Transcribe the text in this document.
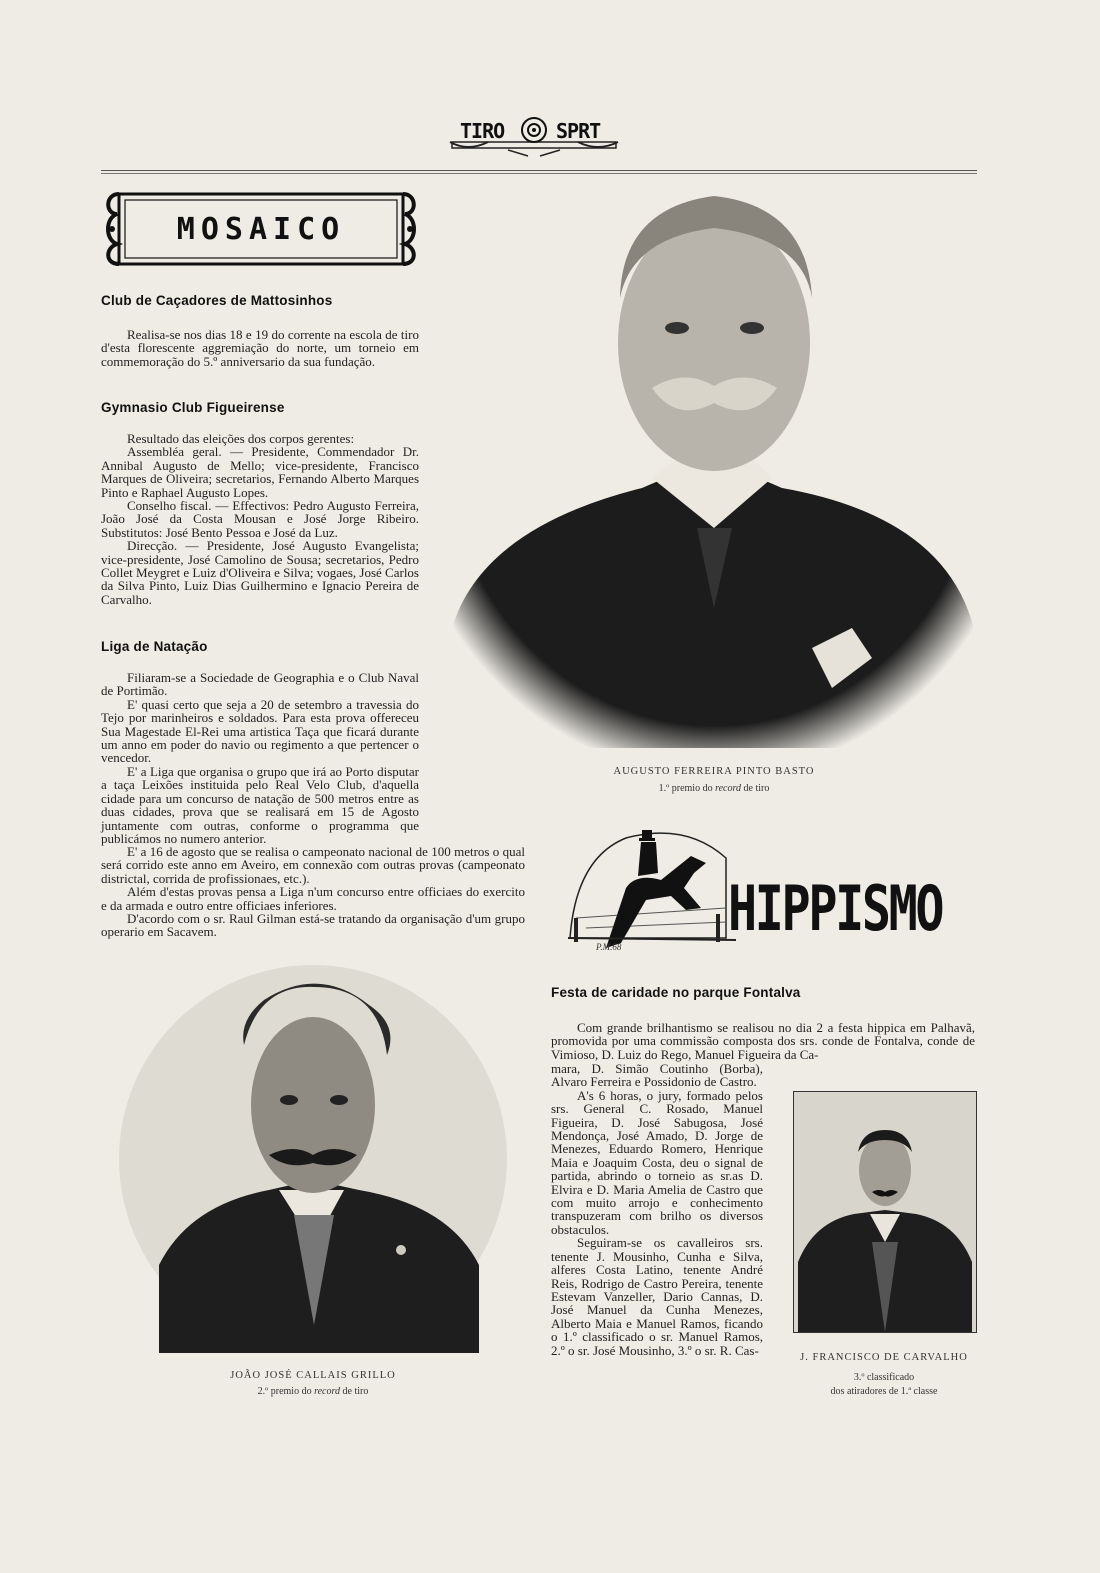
TIRO	SPRT
MOSAICO
Club de Caçadores de Mattosinhos

Realisa-se nos dias 18 e 19 do corrente na escola de tiro d'esta florescente aggremiação do norte, um torneio em commemoração do 5.º anniversario da sua fundação.

Gymnasio Club Figueirense

Resultado das eleições dos corpos gerentes:

Assembléa geral. — Presidente, Commendador Dr. Annibal Augusto de Mello; vice-presidente, Francisco Marques de Oliveira; secretarios, Fernando Alberto Marques Pinto e Raphael Augusto Lopes.

Conselho fiscal. — Effectivos: Pedro Augusto Ferreira, João José da Costa Mousan e José Jorge Ribeiro. Substitutos: José Bento Pessoa e José da Luz.

Direcção. — Presidente, José Augusto Evangelista; vice-presidente, José Camolino de Sousa; secretarios, Pedro Collet Meygret e Luiz d'Oliveira e Silva; vogaes, José Carlos da Silva Pinto, Luiz Dias Guilhermino e Ignacio Pereira de Carvalho.

Liga de Natação

Filiaram-se a Sociedade de Geographia e o Club Naval de Portimão.

E' quasi certo que seja a 20 de setembro a travessia do Tejo por marinheiros e soldados. Para esta prova offereceu Sua Magestade El-Rei uma artistica Taça que ficará durante um anno em poder do navio ou regimento a que pertencer o vencedor.

E' a Liga que organisa o grupo que irá ao Porto disputar a taça Leixões instituida pelo Real Velo Club, d'aquella cidade para um concurso de natação de 500 metros entre as duas cidades, prova que se realisará em 15 de Agosto juntamente com outras, conforme o programma que publicámos no numero anterior.

E' a 16 de agosto que se realisa o campeonato nacional de 100 metros o qual será corrido este anno em Aveiro, em connexão com outras provas (campeonato districtal, corrida de profissionaes, etc.).

Além d'estas provas pensa a Liga n'um concurso entre officiaes do exercito e da armada e outro entre officiaes inferiores.

D'acordo com o sr. Raul Gilman está-se tratando da organisação d'um grupo operario em Sacavem.

AUGUSTO FERREIRA PINTO BASTO
1.º premio do record de tiro
P.M.68
HIPPISMO
Festa de caridade no parque Fontalva

Com grande brilhantismo se realisou no dia 2 a festa hippica em Palhavã, promovida por uma commissão composta dos srs. conde de Fontalva, conde de Vimioso, D. Luiz do Rego, Manuel Figueira da Ca-

mara, D. Simão Coutinho (Borba), Alvaro Ferreira e Possidonio de Castro.

A's 6 horas, o jury, formado pelos srs. General C. Rosado, Manuel Figueira, D. José Sabugosa, José Mendonça, José Amado, D. Jorge de Menezes, Eduardo Romero, Henrique Maia e Joaquim Costa, deu o signal de partida, abrindo o torneio as sr.as D. Elvira e D. Maria Amelia de Castro que com muito arrojo e conhecimento transpuzeram com brilho os diversos obstaculos.

Seguiram-se os cavalleiros srs. tenente J. Mousinho, Cunha e Silva, alferes Costa Latino, tenente André Reis, Rodrigo de Castro Pereira, tenente Estevam Vanzeller, Dario Cannas, D. José Manuel da Cunha Menezes, Alberto Maia e Manuel Ramos, ficando o 1.º classificado o sr. Manuel Ramos, 2.º o sr. José Mousinho, 3.º o sr. R. Cas-

JOÃO JOSÉ CALLAIS GRILLO
2.º premio do record de tiro
J. FRANCISCO DE CARVALHO
3.º classificado
dos atiradores de 1.ª classe
